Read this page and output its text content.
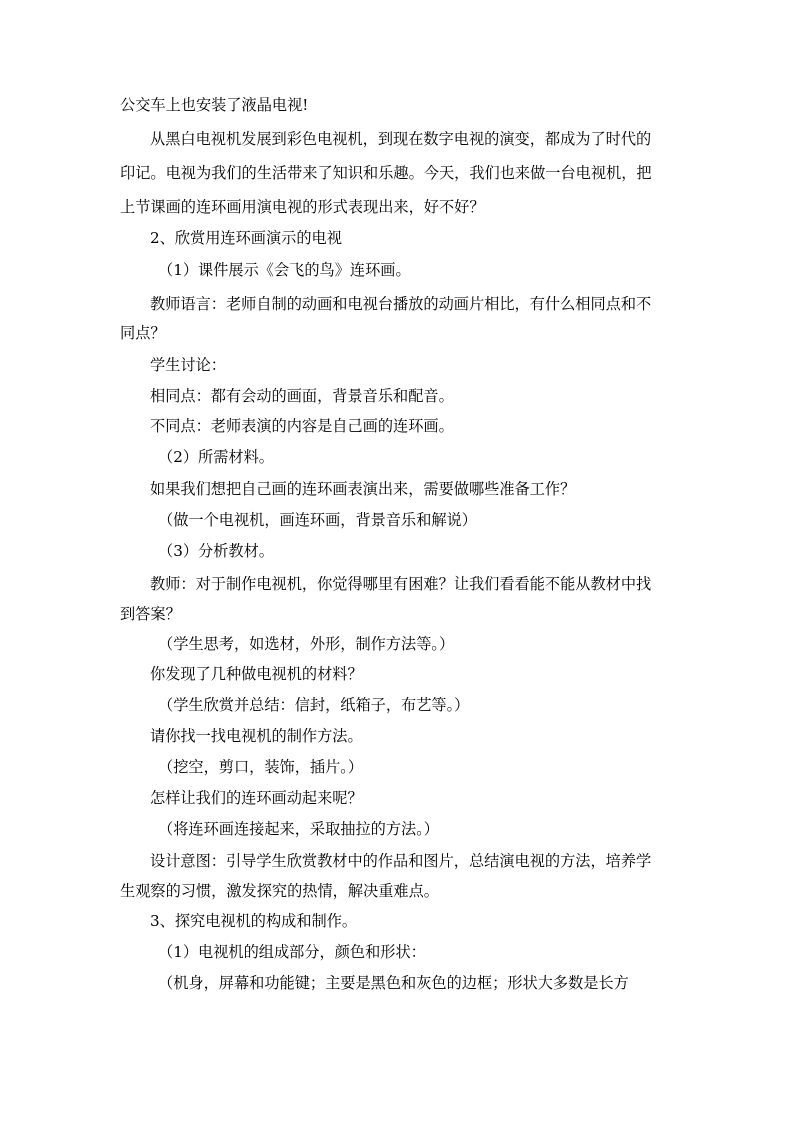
公交车上也安装了液晶电视!
从黑白电视机发展到彩色电视机，到现在数字电视的演变，都成为了时代的
印记。电视为我们的生活带来了知识和乐趣。今天，我们也来做一台电视机，把
上节课画的连环画用演电视的形式表现出来，好不好？
2、欣赏用连环画演示的电视
（1）课件展示《会飞的鸟》连环画。
教师语言：老师自制的动画和电视台播放的动画片相比，有什么相同点和不
同点？
学生讨论：
相同点：都有会动的画面，背景音乐和配音。
不同点：老师表演的内容是自己画的连环画。
（2）所需材料。
如果我们想把自己画的连环画表演出来，需要做哪些准备工作？
（做一个电视机，画连环画，背景音乐和解说）
（3）分析教材。
教师：对于制作电视机，你觉得哪里有困难？让我们看看能不能从教材中找
到答案？
（学生思考，如选材，外形，制作方法等。）
你发现了几种做电视机的材料？
（学生欣赏并总结：信封，纸箱子，布艺等。）
请你找一找电视机的制作方法。
（挖空，剪口，装饰，插片。）
怎样让我们的连环画动起来呢？
（将连环画连接起来，采取抽拉的方法。）
设计意图：引导学生欣赏教材中的作品和图片，总结演电视的方法，培养学
生观察的习惯，激发探究的热情，解决重难点。
3、探究电视机的构成和制作。
（1）电视机的组成部分，颜色和形状：
（机身，屏幕和功能键；主要是黑色和灰色的边框；形状大多数是长方
